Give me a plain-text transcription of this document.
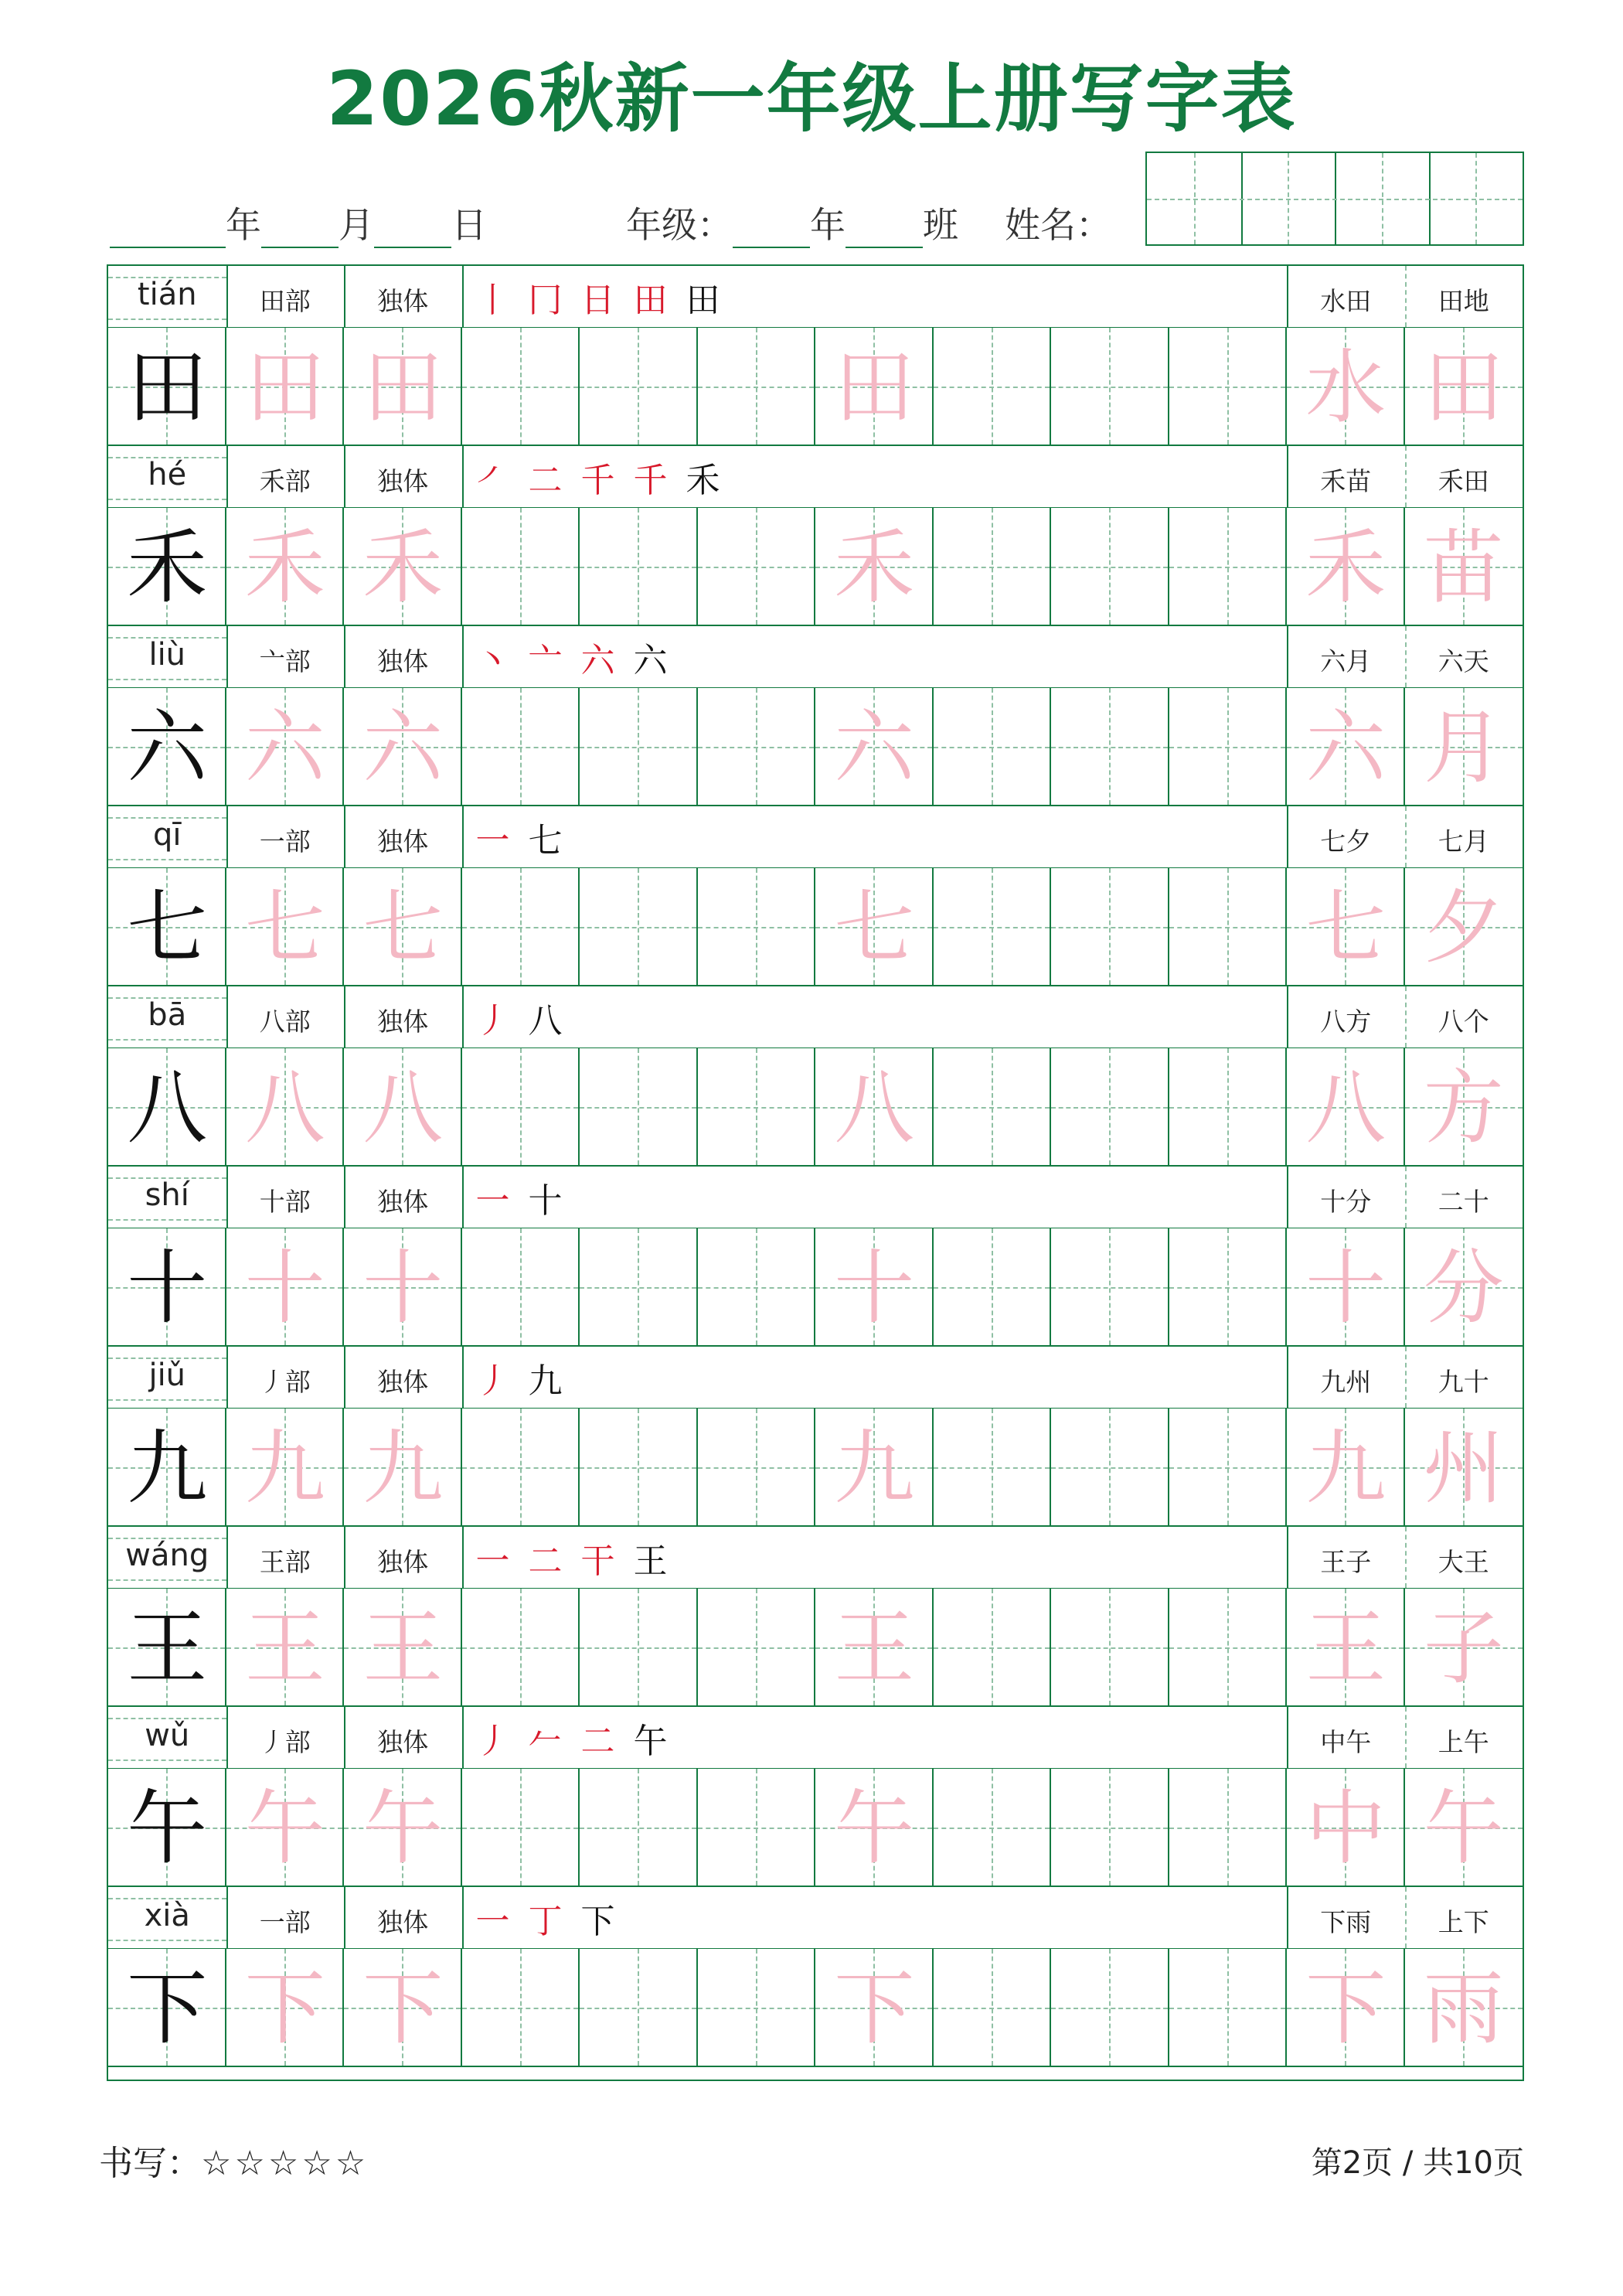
2026秋新一年级上册写字表
年 月 日	年级： 年 班 姓名：
tián	田部	独体	丨 冂 日 田 田	水田	田地
田 田 田	田	水 田
hé	禾部	独体	㇒ 二 千 千 禾	禾苗	禾田
禾 禾 禾	禾	禾 苗
liù	亠部	独体	丶 亠 六 六	六月	六天
六 六 六	六	六 月
qī	一部	独体	一 七	七夕	七月
七 七 七	七	七 夕
bā	八部	独体	丿 八	八方	八个
八 八 八	八	八 方
shí	十部	独体	一 十	十分	二十
十 十 十	十	十 分
jiǔ	丿部	独体	丿 九	九州	九十
九 九 九	九	九 州
wáng	王部	独体	一 二 干 王	王子	大王
王 王 王	王	王 子
wǔ	丿部	独体	丿 𠂉 二 午	中午	上午
午 午 午	午	中 午
xià	一部	独体	一 丁 下	下雨	上下
下 下 下	下	下 雨
书写：☆☆☆☆☆	第2页 / 共10页
